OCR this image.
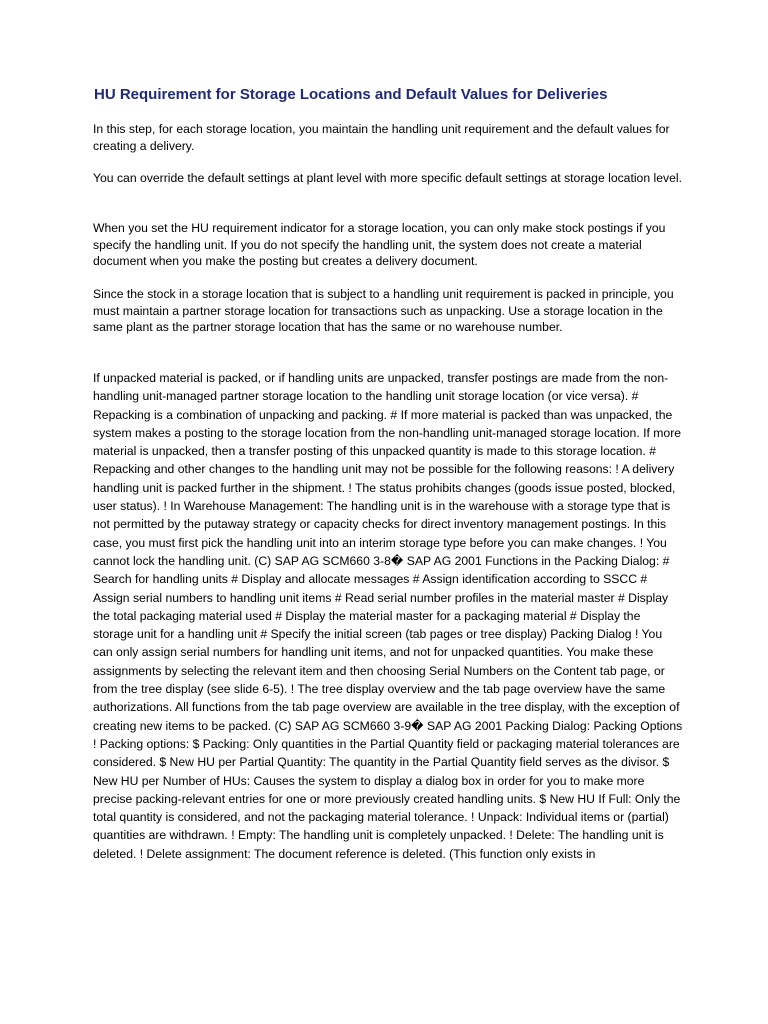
HU Requirement for Storage Locations and Default Values for Deliveries

In this step, for each storage location, you maintain the handling unit requirement and the default values for creating a delivery.

You can override the default settings at plant level with more specific default settings at storage location level.

When you set the HU requirement indicator for a storage location, you can only make stock postings if you specify the handling unit. If you do not specify the handling unit, the system does not create a material document when you make the posting but creates a delivery document.

Since the stock in a storage location that is subject to a handling unit requirement is packed in principle, you must maintain a partner storage location for transactions such as unpacking. Use a storage location in the same plant as the partner storage location that has the same or no warehouse number.

If unpacked material is packed, or if handling units are unpacked, transfer postings are made from the non-handling unit-managed partner storage location to the handling unit storage location (or vice versa). # Repacking is a combination of unpacking and packing. # If more material is packed than was unpacked, the system makes a posting to the storage location from the non-handling unit-managed storage location. If more material is unpacked, then a transfer posting of this unpacked quantity is made to this storage location. # Repacking and other changes to the handling unit may not be possible for the following reasons: ! A delivery handling unit is packed further in the shipment. ! The status prohibits changes (goods issue posted, blocked, user status). ! In Warehouse Management: The handling unit is in the warehouse with a storage type that is not permitted by the putaway strategy or capacity checks for direct inventory management postings. In this case, you must first pick the handling unit into an interim storage type before you can make changes. ! You cannot lock the handling unit. (C) SAP AG SCM660 3-8� SAP AG 2001 Functions in the Packing Dialog: # Search for handling units # Display and allocate messages # Assign identification according to SSCC # Assign serial numbers to handling unit items # Read serial number profiles in the material master # Display the total packaging material used # Display the material master for a packaging material # Display the storage unit for a handling unit # Specify the initial screen (tab pages or tree display) Packing Dialog ! You can only assign serial numbers for handling unit items, and not for unpacked quantities. You make these assignments by selecting the relevant item and then choosing Serial Numbers on the Content tab page, or from the tree display (see slide 6-5). ! The tree display overview and the tab page overview have the same authorizations. All functions from the tab page overview are available in the tree display, with the exception of creating new items to be packed. (C) SAP AG SCM660 3-9� SAP AG 2001 Packing Dialog: Packing Options ! Packing options: $ Packing: Only quantities in the Partial Quantity field or packaging material tolerances are considered. $ New HU per Partial Quantity: The quantity in the Partial Quantity field serves as the divisor. $ New HU per Number of HUs: Causes the system to display a dialog box in order for you to make more precise packing-relevant entries for one or more previously created handling units. $ New HU If Full: Only the total quantity is considered, and not the packaging material tolerance. ! Unpack: Individual items or (partial) quantities are withdrawn. ! Empty: The handling unit is completely unpacked. ! Delete: The handling unit is deleted. ! Delete assignment: The document reference is deleted. (This function only exists in
